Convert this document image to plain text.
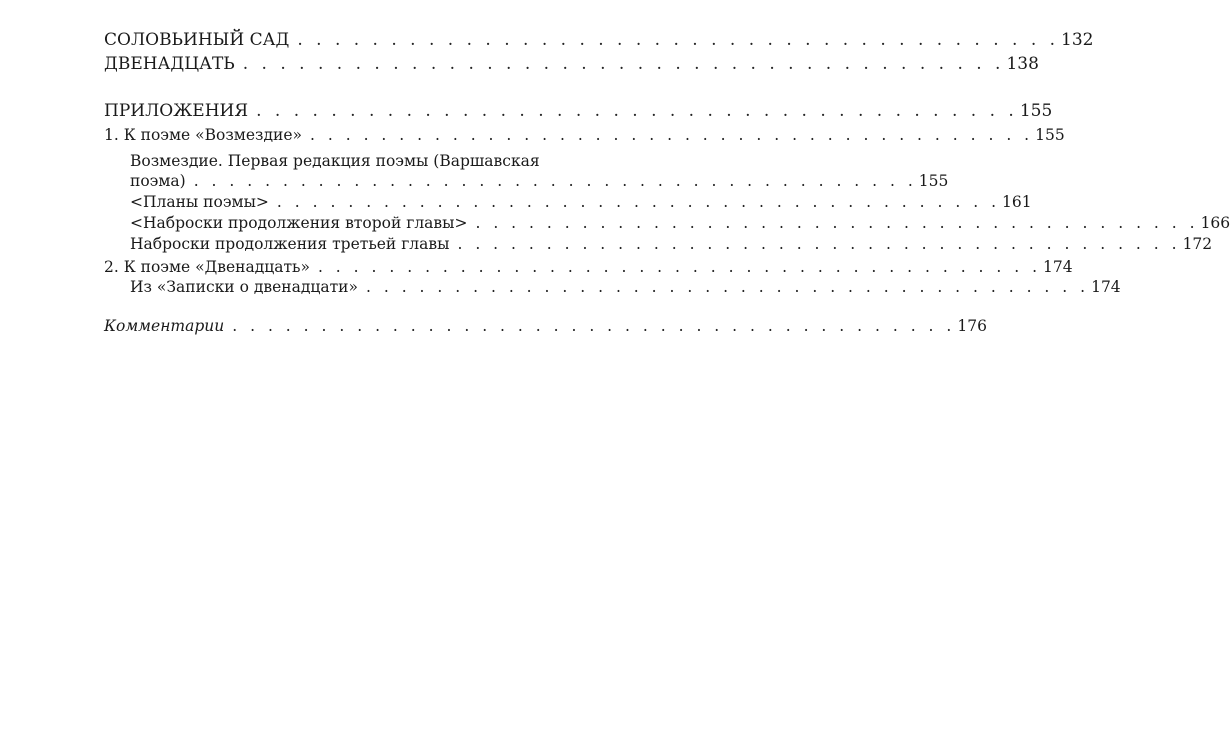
СОЛОВЬИНЫЙ САД . . . . . . . . . . . . . . . . . . . . . . . . . . . . . . . . . . . . . . . . . 132
ДВЕНАДЦАТЬ . . . . . . . . . . . . . . . . . . . . . . . . . . . . . . . . . . . . . . . . . 138
ПРИЛОЖЕНИЯ . . . . . . . . . . . . . . . . . . . . . . . . . . . . . . . . . . . . . . . . . 155
1. К поэме «Возмездие» . . . . . . . . . . . . . . . . . . . . . . . . . . . . . . . . . . . . . . . . . 155
Возмездие. Первая редакция поэмы (Варшавская
поэма) . . . . . . . . . . . . . . . . . . . . . . . . . . . . . . . . . . . . . . . . . 155
<Планы поэмы> . . . . . . . . . . . . . . . . . . . . . . . . . . . . . . . . . . . . . . . . . 161
<Наброски продолжения второй главы> . . . . . . . . . . . . . . . . . . . . . . . . . . . . . . . . . . . . . . . . . 166
Наброски продолжения третьей главы . . . . . . . . . . . . . . . . . . . . . . . . . . . . . . . . . . . . . . . . . 172
2. К поэме «Двенадцать» . . . . . . . . . . . . . . . . . . . . . . . . . . . . . . . . . . . . . . . . . 174
Из «Записки о двенадцати» . . . . . . . . . . . . . . . . . . . . . . . . . . . . . . . . . . . . . . . . . 174
Комментарии . . . . . . . . . . . . . . . . . . . . . . . . . . . . . . . . . . . . . . . . . 176
